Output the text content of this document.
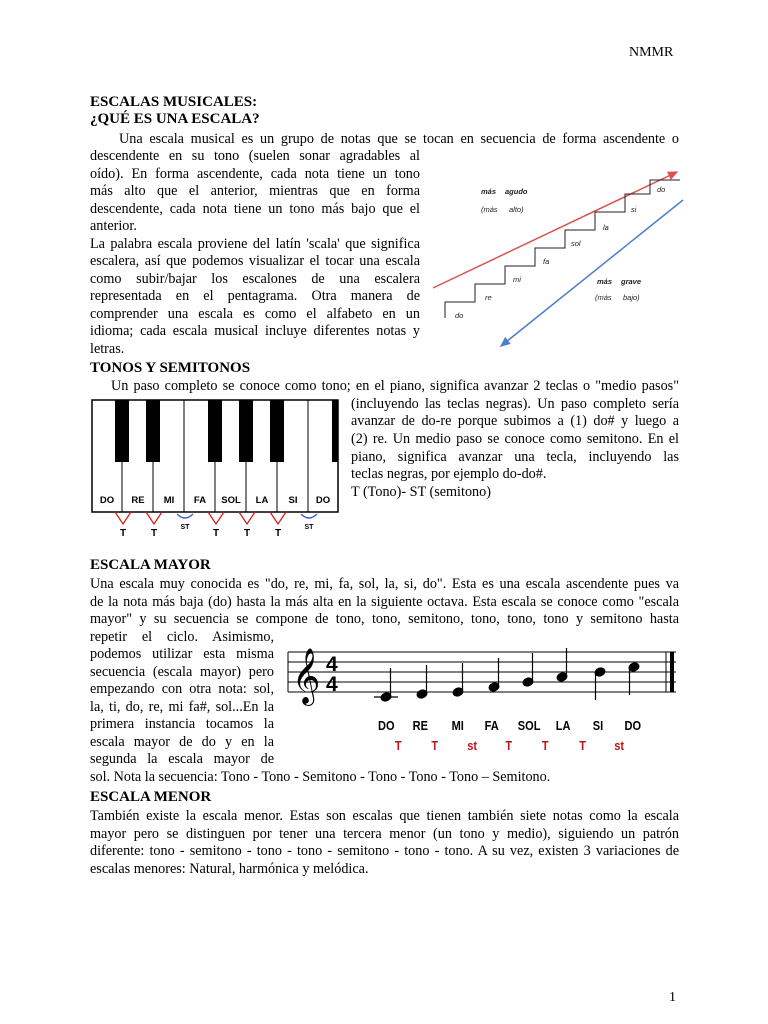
NMMR
ESCALAS MUSICALES:
¿QUÉ ES UNA ESCALA?
Una escala musical es un grupo de notas que se tocan en secuencia de forma ascendente o
descendente en su tono (suelen sonar agradables al
oído). En forma ascendente, cada nota tiene un tono
más alto que el anterior, mientras que en forma
descendente, cada nota tiene un tono más bajo que el
anterior.
La palabra escala proviene del latín 'scala' que significa
escalera, así que podemos visualizar el tocar una escala
como subir/bajar los escalones de una escalera
representada en el pentagrama. Otra manera de
comprender una escala es como el alfabeto en un
idioma; cada escala musical incluye diferentes notas y
letras.
más agudo
(más alto)
más grave
(más bajo)
do
re
mi
fa
sol
la
si
do
TONOS Y SEMITONOS
Un paso completo se conoce como tono; en el piano, significa avanzar 2 teclas o "medio pasos"
(incluyendo las teclas negras). Un paso completo sería
avanzar de do-re porque subimos a (1) do# y luego a
(2) re. Un medio paso se conoce como semitono. En el
piano, significa avanzar una tecla, incluyendo las
teclas negras, por ejemplo do-do#.
T (Tono)- ST (semitono)
DO RE MI FA SOL LA SI DO
T T
ST
T T T
ST
ESCALA MAYOR
Una escala muy conocida es "do, re, mi, fa, sol, la, si, do". Esta es una escala ascendente pues va
de la nota más baja (do) hasta la más alta en la siguiente octava. Esta escala se conoce como "escala
mayor" y su secuencia se compone de tono, tono, semitono, tono, tono, tono y semitono hasta
repetir el ciclo. Asimismo,
podemos utilizar esta misma
secuencia (escala mayor) pero
empezando con otra nota: sol,
la, ti, do, re, mi fa#, sol...En la
primera instancia tocamos la
escala mayor de do y en la
segunda la escala mayor de
sol. Nota la secuencia: Tono - Tono - Semitono - Tono - Tono - Tono – Semitono.
𝄞 4
4
DO RE MI FA SOL LA SI DO
T T st T T T st
ESCALA MENOR
También existe la escala menor. Estas son escalas que tienen también siete notas como la escala
mayor pero se distinguen por tener una tercera menor (un tono y medio), siguiendo un patrón
diferente: tono - semitono - tono - tono - semitono - tono - tono. A su vez, existen 3 variaciones de
escalas menores: Natural, harmónica y melódica.
1
